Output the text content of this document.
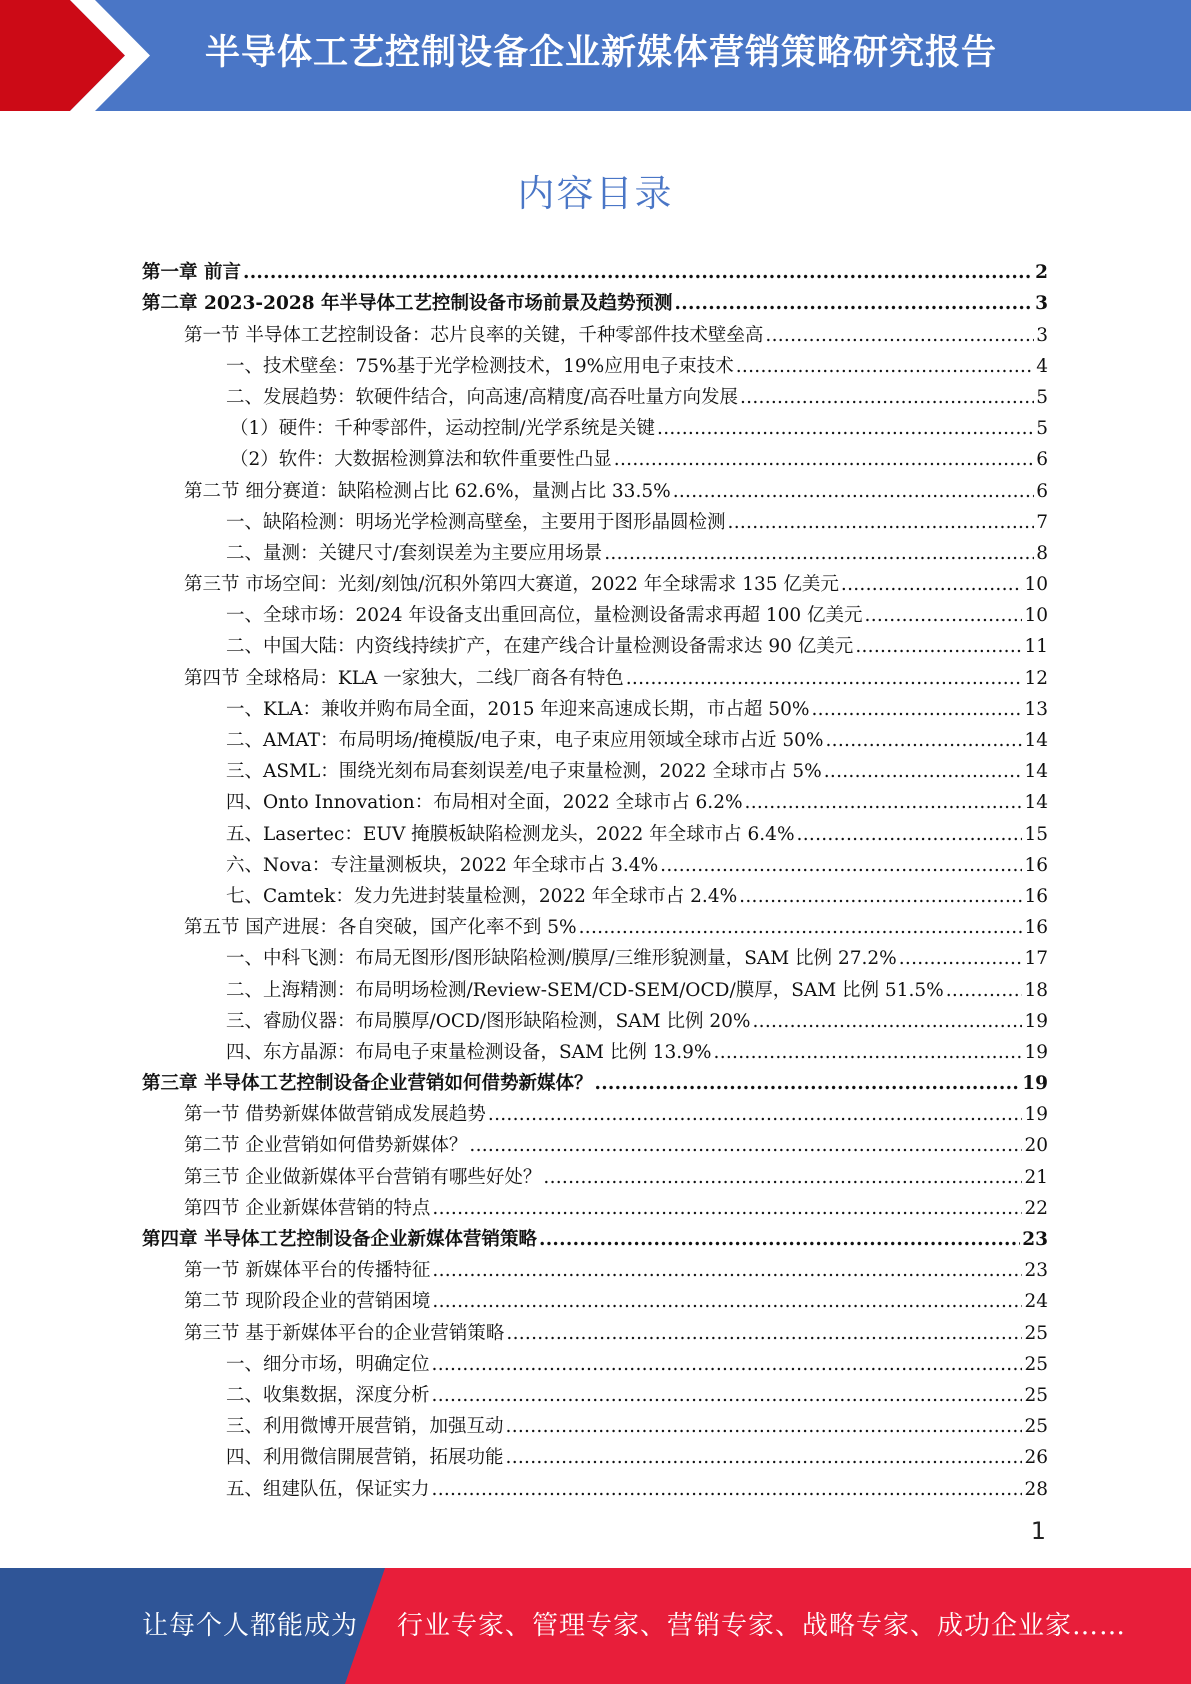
半导体工艺控制设备企业新媒体营销策略研究报告
内容目录
第一章 前言 .....	2
第二章 2023-2028 年半导体工艺控制设备市场前景及趋势预测 .....	3
第一节 半导体工艺控制设备：芯片良率的关键，千种零部件技术壁垒高 .....	3
一、技术壁垒：75%基于光学检测技术，19%应用电子束技术 .....	4
二、发展趋势：软硬件结合，向高速/高精度/高吞吐量方向发展 .....	5
（1）硬件：千种零部件，运动控制/光学系统是关键 .....	5
（2）软件：大数据检测算法和软件重要性凸显 .....	6
第二节 细分赛道：缺陷检测占比 62.6%，量测占比 33.5% .....	6
一、缺陷检测：明场光学检测高壁垒，主要用于图形晶圆检测 .....	7
二、量测：关键尺寸/套刻误差为主要应用场景 .....	8
第三节 市场空间：光刻/刻蚀/沉积外第四大赛道，2022 年全球需求 135 亿美元 .....	10
一、全球市场：2024 年设备支出重回高位，量检测设备需求再超 100 亿美元 .....	10
二、中国大陆：内资线持续扩产，在建产线合计量检测设备需求达 90 亿美元 .....	11
第四节 全球格局：KLA 一家独大，二线厂商各有特色 .....	12
一、KLA：兼收并购布局全面，2015 年迎来高速成长期，市占超 50% .....	13
二、AMAT：布局明场/掩模版/电子束，电子束应用领域全球市占近 50% .....	14
三、ASML：围绕光刻布局套刻误差/电子束量检测，2022 全球市占 5% .....	14
四、Onto Innovation：布局相对全面，2022 全球市占 6.2% .....	14
五、Lasertec：EUV 掩膜板缺陷检测龙头，2022 年全球市占 6.4% .....	15
六、Nova：专注量测板块，2022 年全球市占 3.4% .....	16
七、Camtek：发力先进封装量检测，2022 年全球市占 2.4% .....	16
第五节 国产进展：各自突破，国产化率不到 5% .....	16
一、中科飞测：布局无图形/图形缺陷检测/膜厚/三维形貌测量，SAM 比例 27.2% .....	17
二、上海精测：布局明场检测/Review-SEM/CD-SEM/OCD/膜厚，SAM 比例 51.5% .....	18
三、睿励仪器：布局膜厚/OCD/图形缺陷检测，SAM 比例 20% .....	19
四、东方晶源：布局电子束量检测设备，SAM 比例 13.9% .....	19
第三章 半导体工艺控制设备企业营销如何借势新媒体？ .....	19
第一节 借势新媒体做营销成发展趋势 .....	19
第二节 企业营销如何借势新媒体？ .....	20
第三节 企业做新媒体平台营销有哪些好处？ .....	21
第四节 企业新媒体营销的特点 .....	22
第四章 半导体工艺控制设备企业新媒体营销策略 .....	23
第一节 新媒体平台的传播特征 .....	23
第二节 现阶段企业的营销困境 .....	24
第三节 基于新媒体平台的企业营销策略 .....	25
一、细分市场，明确定位 .....	25
二、收集数据，深度分析 .....	25
三、利用微博开展营销，加强互动 .....	25
四、利用微信開展营销，拓展功能 .....	26
五、组建队伍，保证实力 .....	28
1
让每个人都能成为 行业专家、管理专家、营销专家、战略专家、成功企业家……
